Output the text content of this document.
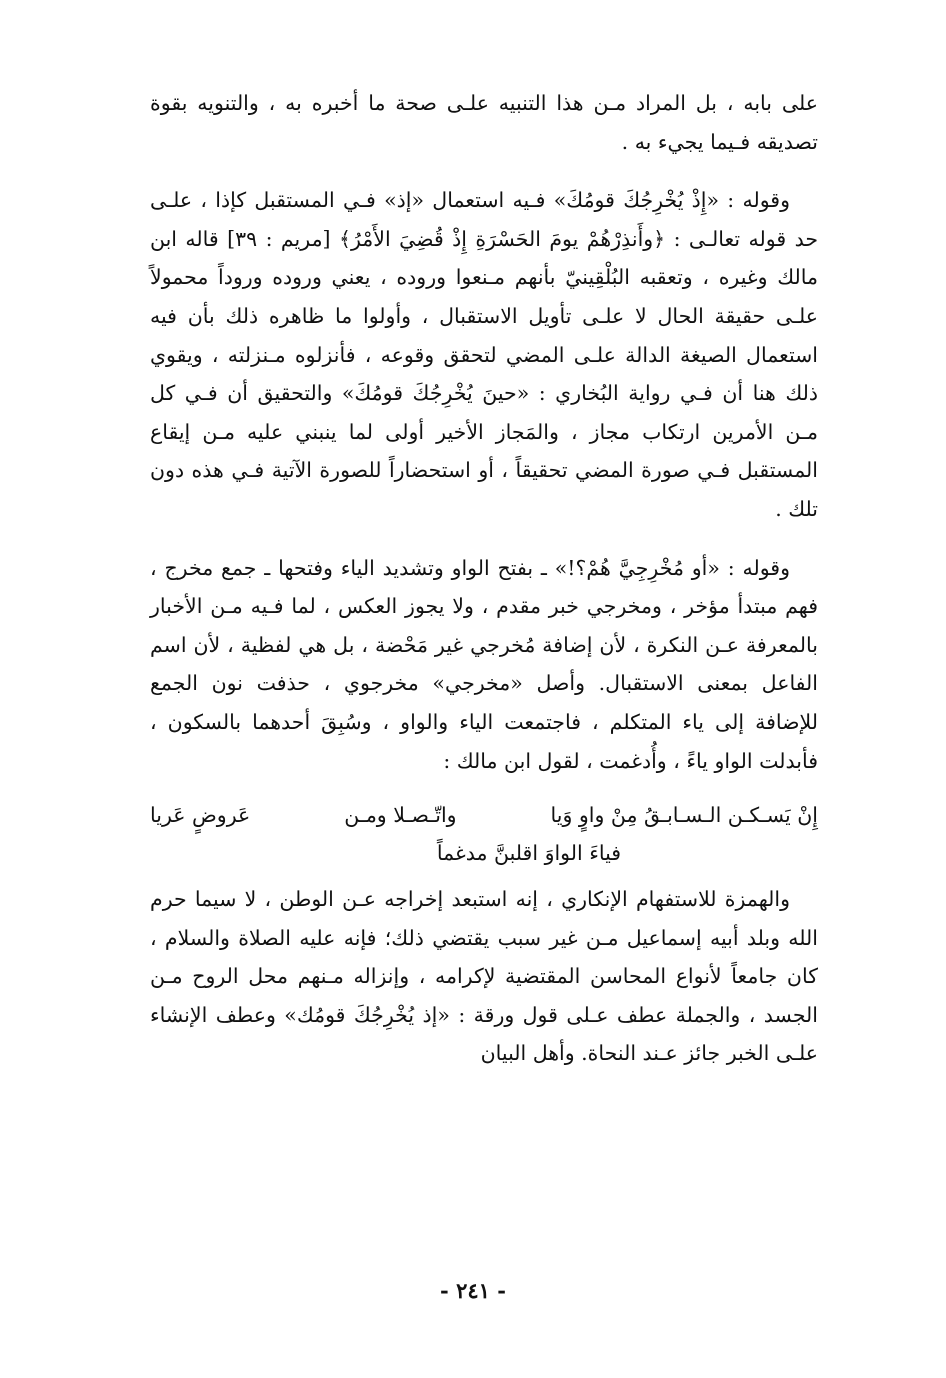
على بابه ، بل المراد مـن هذا التنبيه علـى صحة ما أخبره به ، والتنويه بقوة تصديقه فـيما يجيء به .

وقوله : «إِذْ يُخْرِجُكَ قومُكَ» فـيه استعمال «إذ» فـي المستقبل كإذا ، علـى حد قوله تعالـى : ﴿وأَنذِرْهُمْ يومَ الحَسْرَةِ إِذْ قُضِيَ الأَمْرُ﴾ [مريم : ٣٩] قاله ابن مالك وغيره ، وتعقبه البُلْقِينيّ بأنهم مـنعوا وروده ، يعني وروده وروداً محمولاً علـى حقيقة الحال لا علـى تأويل الاستقبال ، وأولوا ما ظاهره ذلك بأن فيه استعمال الصيغة الدالة علـى المضي لتحقق وقوعه ، فأنزلوه مـنزلته ، ويقوي ذلك هنا أن فـي رواية البُخاري : «حينَ يُخْرِجُكَ قومُكَ» والتحقيق أن فـي كل مـن الأمرين ارتكاب مجاز ، والمَجاز الأخير أولى لما ينبني عليه مـن إيقاع المستقبل فـي صورة المضي تحقيقاً ، أو استحضاراً للصورة الآتية فـي هذه دون تلك .

وقوله : «أو مُخْرِجِيَّ هُمْ؟!» ـ بفتح الواو وتشديد الياء وفتحها ـ جمع مخرج ، فهم مبتدأ مؤخر ، ومخرجي خبر مقدم ، ولا يجوز العكس ، لما فـيه مـن الأخبار بالمعرفة عـن النكرة ، لأن إضافة مُخرجي غير مَحْضة ، بل هي لفظية ، لأن اسم الفاعل بمعنى الاستقبال. وأصل «مخرجي» مخرجوي ، حذفت نون الجمع للإضافة إلى ياء المتكلم ، فاجتمعت الياء والواو ، وسُبِقَ أحدهما بالسكون ، فأبدلت الواو ياءً ، وأُدغمت ، لقول ابن مالك :

إِنْ يَسـكـن الـسـابـقُ مِنْ واوٍ وَيا
واتّـصـلا ومـن
عَروضٍ عَريا
فياءَ الواوَ اقلبنَّ مدغماً

والهمزة للاستفهام الإنكاري ، إنه استبعد إخراجه عـن الوطن ، لا سيما حرم الله وبلد أبيه إسماعيل مـن غير سبب يقتضي ذلك؛ فإنه عليه الصلاة والسلام ، كان جامعاً لأنواع المحاسن المقتضية لإكرامه ، وإنزاله مـنهم محل الروح مـن الجسد ، والجملة عطف عـلى قول ورقة : «إذ يُخْرِجُكَ قومُك» وعطف الإنشاء علـى الخبر جائز عـند النحاة. وأهل البيان

- ٢٤١ -
